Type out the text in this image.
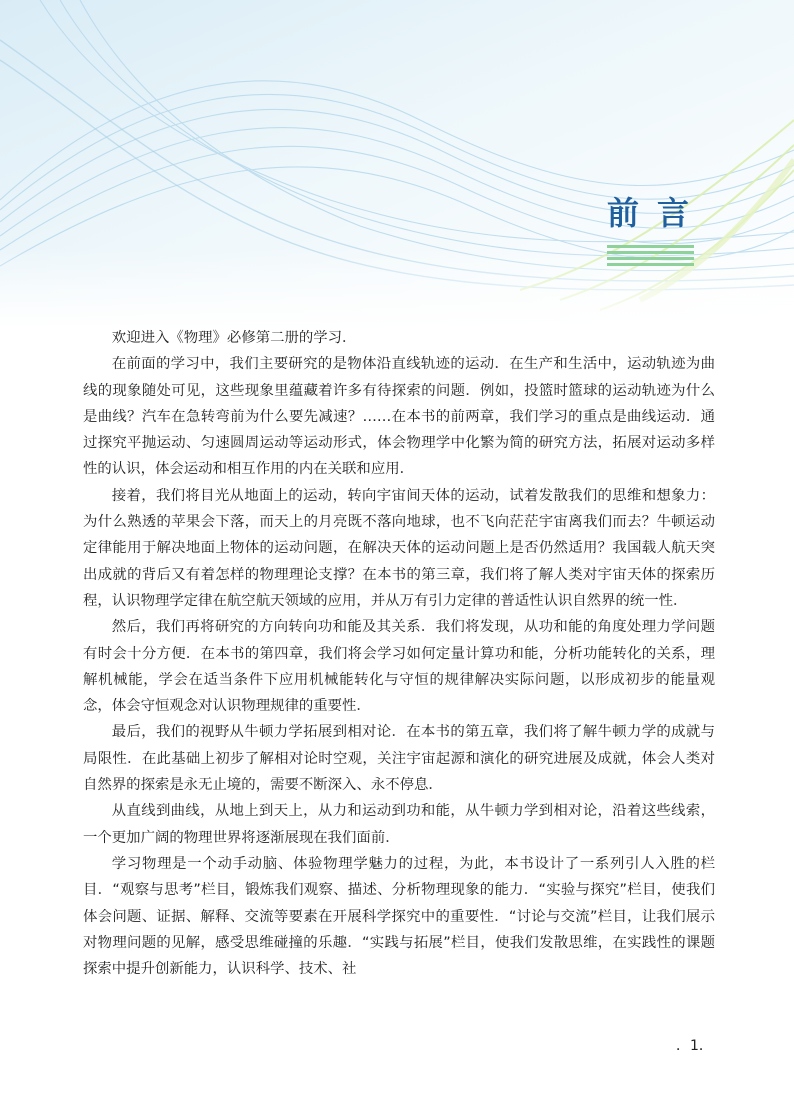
前言

欢迎进入《物理》必修第二册的学习．

在前面的学习中，我们主要研究的是物体沿直线轨迹的运动．在生产和生活中，运动轨迹为曲线的现象随处可见，这些现象里蕴藏着许多有待探索的问题．例如，投篮时篮球的运动轨迹为什么是曲线？汽车在急转弯前为什么要先减速？……在本书的前两章，我们学习的重点是曲线运动．通过探究平抛运动、匀速圆周运动等运动形式，体会物理学中化繁为简的研究方法，拓展对运动多样性的认识，体会运动和相互作用的内在关联和应用．

接着，我们将目光从地面上的运动，转向宇宙间天体的运动，试着发散我们的思维和想象力：为什么熟透的苹果会下落，而天上的月亮既不落向地球，也不飞向茫茫宇宙离我们而去？牛顿运动定律能用于解决地面上物体的运动问题，在解决天体的运动问题上是否仍然适用？我国载人航天突出成就的背后又有着怎样的物理理论支撑？在本书的第三章，我们将了解人类对宇宙天体的探索历程，认识物理学定律在航空航天领域的应用，并从万有引力定律的普适性认识自然界的统一性．

然后，我们再将研究的方向转向功和能及其关系．我们将发现，从功和能的角度处理力学问题有时会十分方便．在本书的第四章，我们将会学习如何定量计算功和能，分析功能转化的关系，理解机械能，学会在适当条件下应用机械能转化与守恒的规律解决实际问题，以形成初步的能量观念，体会守恒观念对认识物理规律的重要性．

最后，我们的视野从牛顿力学拓展到相对论．在本书的第五章，我们将了解牛顿力学的成就与局限性．在此基础上初步了解相对论时空观，关注宇宙起源和演化的研究进展及成就，体会人类对自然界的探索是永无止境的，需要不断深入、永不停息．

从直线到曲线，从地上到天上，从力和运动到功和能，从牛顿力学到相对论，沿着这些线索，一个更加广阔的物理世界将逐渐展现在我们面前．

学习物理是一个动手动脑、体验物理学魅力的过程，为此，本书设计了一系列引人入胜的栏目．“观察与思考”栏目，锻炼我们观察、描述、分析物理现象的能力．“实验与探究”栏目，使我们体会问题、证据、解释、交流等要素在开展科学探究中的重要性．“讨论与交流”栏目，让我们展示对物理问题的见解，感受思维碰撞的乐趣．“实践与拓展”栏目，使我们发散思维，在实践性的课题探索中提升创新能力，认识科学、技术、社

．1．
